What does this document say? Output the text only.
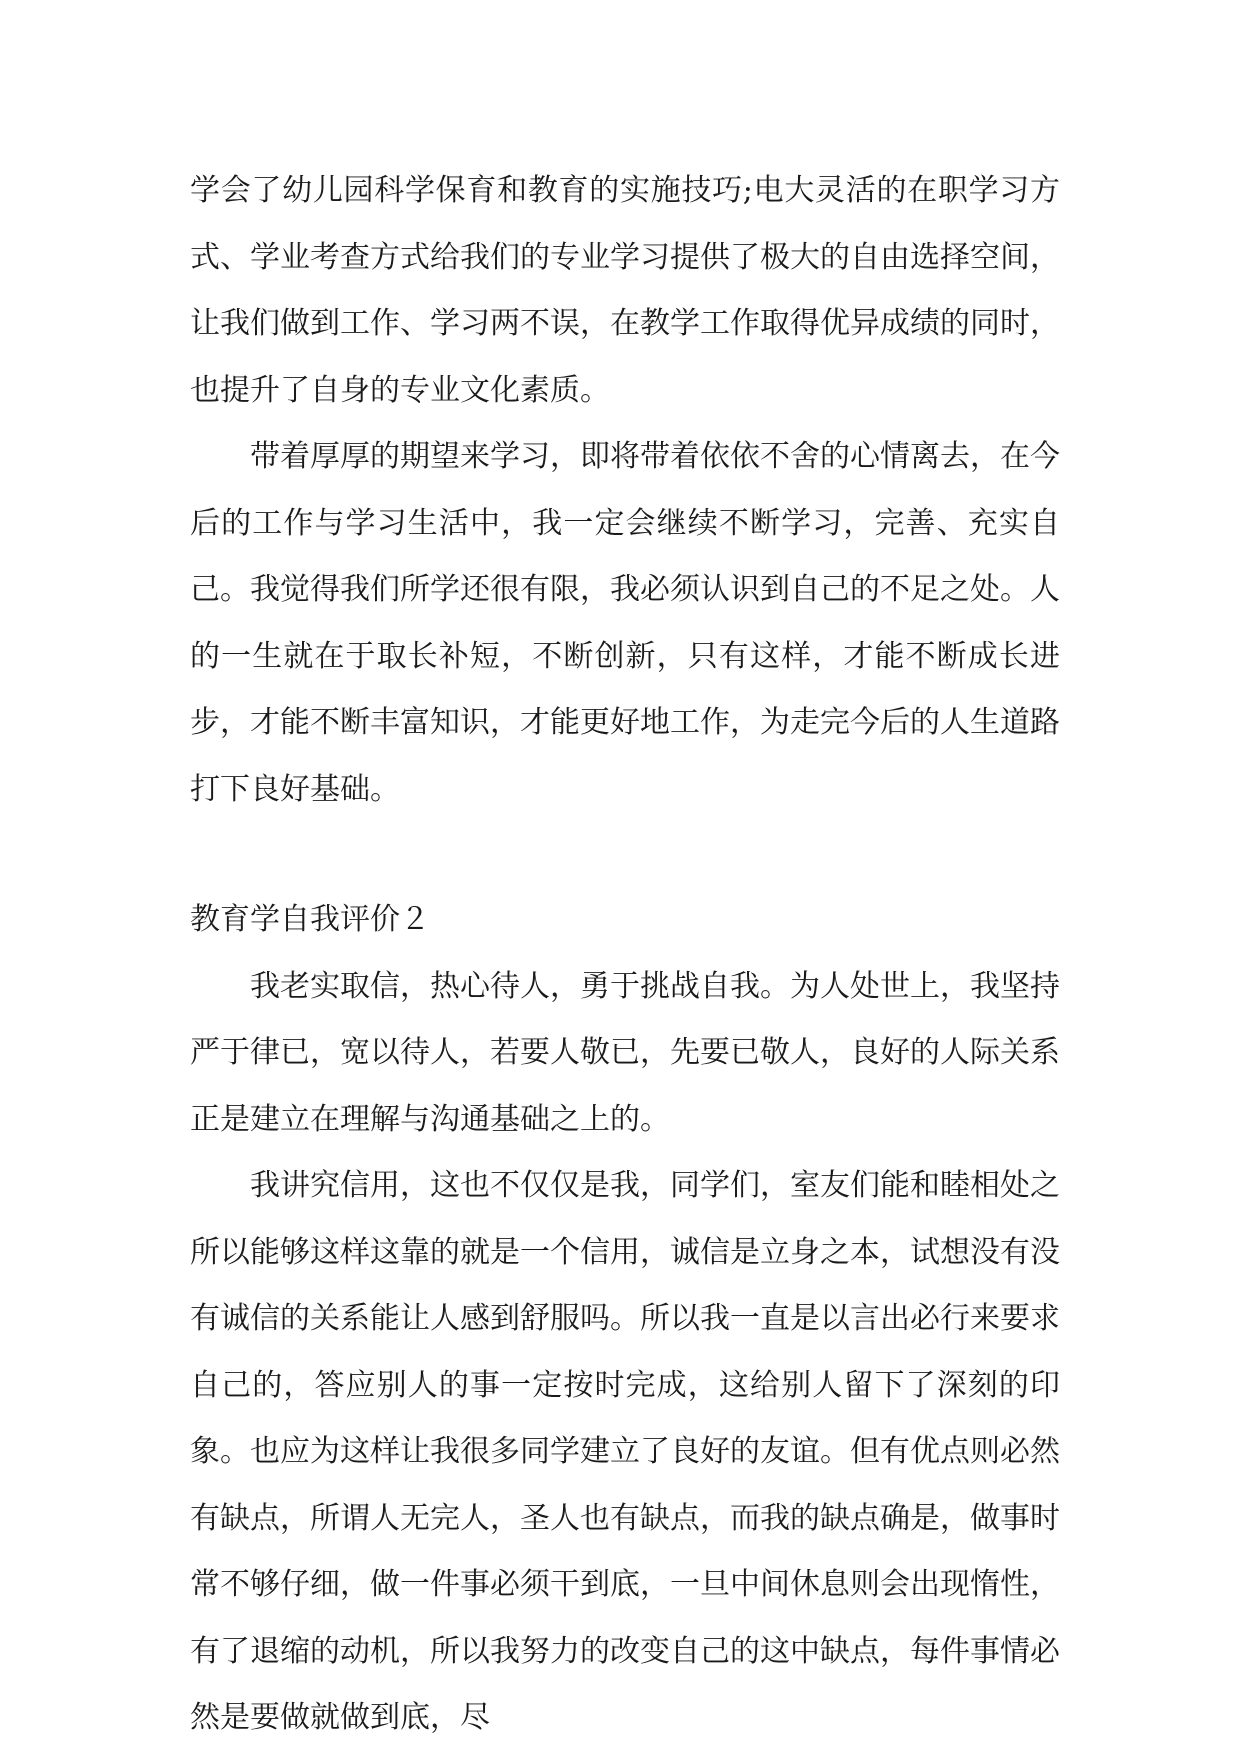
学会了幼儿园科学保育和教育的实施技巧;电大灵活的在职学习方式、学业考查方式给我们的专业学习提供了极大的自由选择空间，让我们做到工作、学习两不误，在教学工作取得优异成绩的同时，也提升了自身的专业文化素质。

带着厚厚的期望来学习，即将带着依依不舍的心情离去，在今后的工作与学习生活中，我一定会继续不断学习，完善、充实自己。我觉得我们所学还很有限，我必须认识到自己的不足之处。人的一生就在于取长补短，不断创新，只有这样，才能不断成长进步，才能不断丰富知识，才能更好地工作，为走完今后的人生道路打下良好基础。

教育学自我评价２

我老实取信，热心待人，勇于挑战自我。为人处世上，我坚持严于律已，宽以待人，若要人敬已，先要已敬人，良好的人际关系正是建立在理解与沟通基础之上的。

我讲究信用，这也不仅仅是我，同学们，室友们能和睦相处之所以能够这样这靠的就是一个信用，诚信是立身之本，试想没有没有诚信的关系能让人感到舒服吗。所以我一直是以言出必行来要求自己的，答应别人的事一定按时完成，这给别人留下了深刻的印象。也应为这样让我很多同学建立了良好的友谊。但有优点则必然有缺点，所谓人无完人，圣人也有缺点，而我的缺点确是，做事时常不够仔细，做一件事必须干到底，一旦中间休息则会出现惰性，有了退缩的动机，所以我努力的改变自己的这中缺点，每件事情必然是要做就做到底，尽
